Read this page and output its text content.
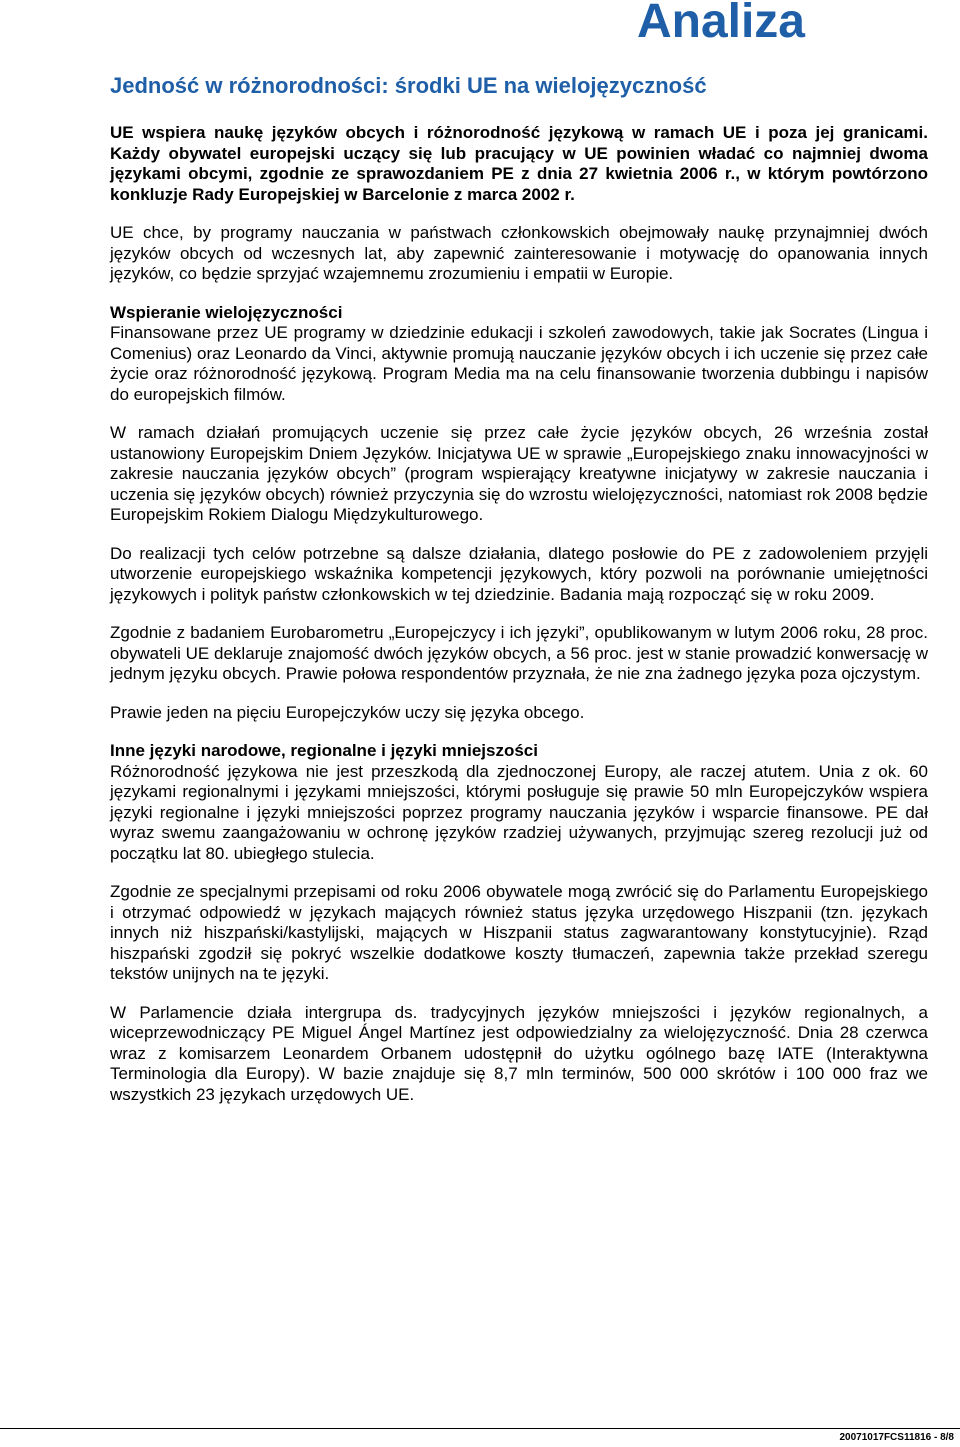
Analiza
Jedność w różnorodności: środki UE na wielojęzyczność

UE wspiera naukę języków obcych i różnorodność językową w ramach UE i poza jej granicami. Każdy obywatel europejski uczący się lub pracujący w UE powinien władać co najmniej dwoma językami obcymi, zgodnie ze sprawozdaniem PE z dnia 27 kwietnia 2006 r., w którym powtórzono konkluzje Rady Europejskiej w Barcelonie z marca 2002 r.

UE chce, by programy nauczania w państwach członkowskich obejmowały naukę przynajmniej dwóch języków obcych od wczesnych lat, aby zapewnić zainteresowanie i motywację do opanowania innych języków, co będzie sprzyjać wzajemnemu zrozumieniu i empatii w Europie.

Wspieranie wielojęzyczności

Finansowane przez UE programy w dziedzinie edukacji i szkoleń zawodowych, takie jak Socrates (Lingua i Comenius) oraz Leonardo da Vinci, aktywnie promują nauczanie języków obcych i ich uczenie się przez całe życie oraz różnorodność językową. Program Media ma na celu finansowanie tworzenia dubbingu i napisów do europejskich filmów.

W ramach działań promujących uczenie się przez całe życie języków obcych, 26 września został ustanowiony Europejskim Dniem Języków. Inicjatywa UE w sprawie „Europejskiego znaku innowacyjności w zakresie nauczania języków obcych” (program wspierający kreatywne inicjatywy w zakresie nauczania i uczenia się języków obcych) również przyczynia się do wzrostu wielojęzyczności, natomiast rok 2008 będzie Europejskim Rokiem Dialogu Międzykulturowego.

Do realizacji tych celów potrzebne są dalsze działania, dlatego posłowie do PE z zadowoleniem przyjęli utworzenie europejskiego wskaźnika kompetencji językowych, który pozwoli na porównanie umiejętności językowych i polityk państw członkowskich w tej dziedzinie. Badania mają rozpocząć się w roku 2009.

Zgodnie z badaniem Eurobarometru „Europejczycy i ich języki”, opublikowanym w lutym 2006 roku, 28 proc. obywateli UE deklaruje znajomość dwóch języków obcych, a 56 proc. jest w stanie prowadzić konwersację w jednym języku obcych. Prawie połowa respondentów przyznała, że nie zna żadnego języka poza ojczystym.

Prawie jeden na pięciu Europejczyków uczy się języka obcego.

Inne języki narodowe, regionalne i języki mniejszości

Różnorodność językowa nie jest przeszkodą dla zjednoczonej Europy, ale raczej atutem. Unia z ok. 60 językami regionalnymi i językami mniejszości, którymi posługuje się prawie 50 mln Europejczyków wspiera języki regionalne i języki mniejszości poprzez programy nauczania języków i wsparcie finansowe. PE dał wyraz swemu zaangażowaniu w ochronę języków rzadziej używanych, przyjmując szereg rezolucji już od początku lat 80. ubiegłego stulecia.

Zgodnie ze specjalnymi przepisami od roku 2006 obywatele mogą zwrócić się do Parlamentu Europejskiego i otrzymać odpowiedź w językach mających również status języka urzędowego Hiszpanii (tzn. językach innych niż hiszpański/kastylijski, mających w Hiszpanii status zagwarantowany konstytucyjnie). Rząd hiszpański zgodził się pokryć wszelkie dodatkowe koszty tłumaczeń, zapewnia także przekład szeregu tekstów unijnych na te języki.

W Parlamencie działa intergrupa ds. tradycyjnych języków mniejszości i języków regionalnych, a wiceprzewodniczący PE Miguel Ángel Martínez jest odpowiedzialny za wielojęzyczność. Dnia 28 czerwca wraz z komisarzem Leonardem Orbanem udostępnił do użytku ogólnego bazę IATE (Interaktywna Terminologia dla Europy). W bazie znajduje się 8,7 mln terminów, 500 000 skrótów i 100 000 fraz we wszystkich 23 językach urzędowych UE.

20071017FCS11816 - 8/8
